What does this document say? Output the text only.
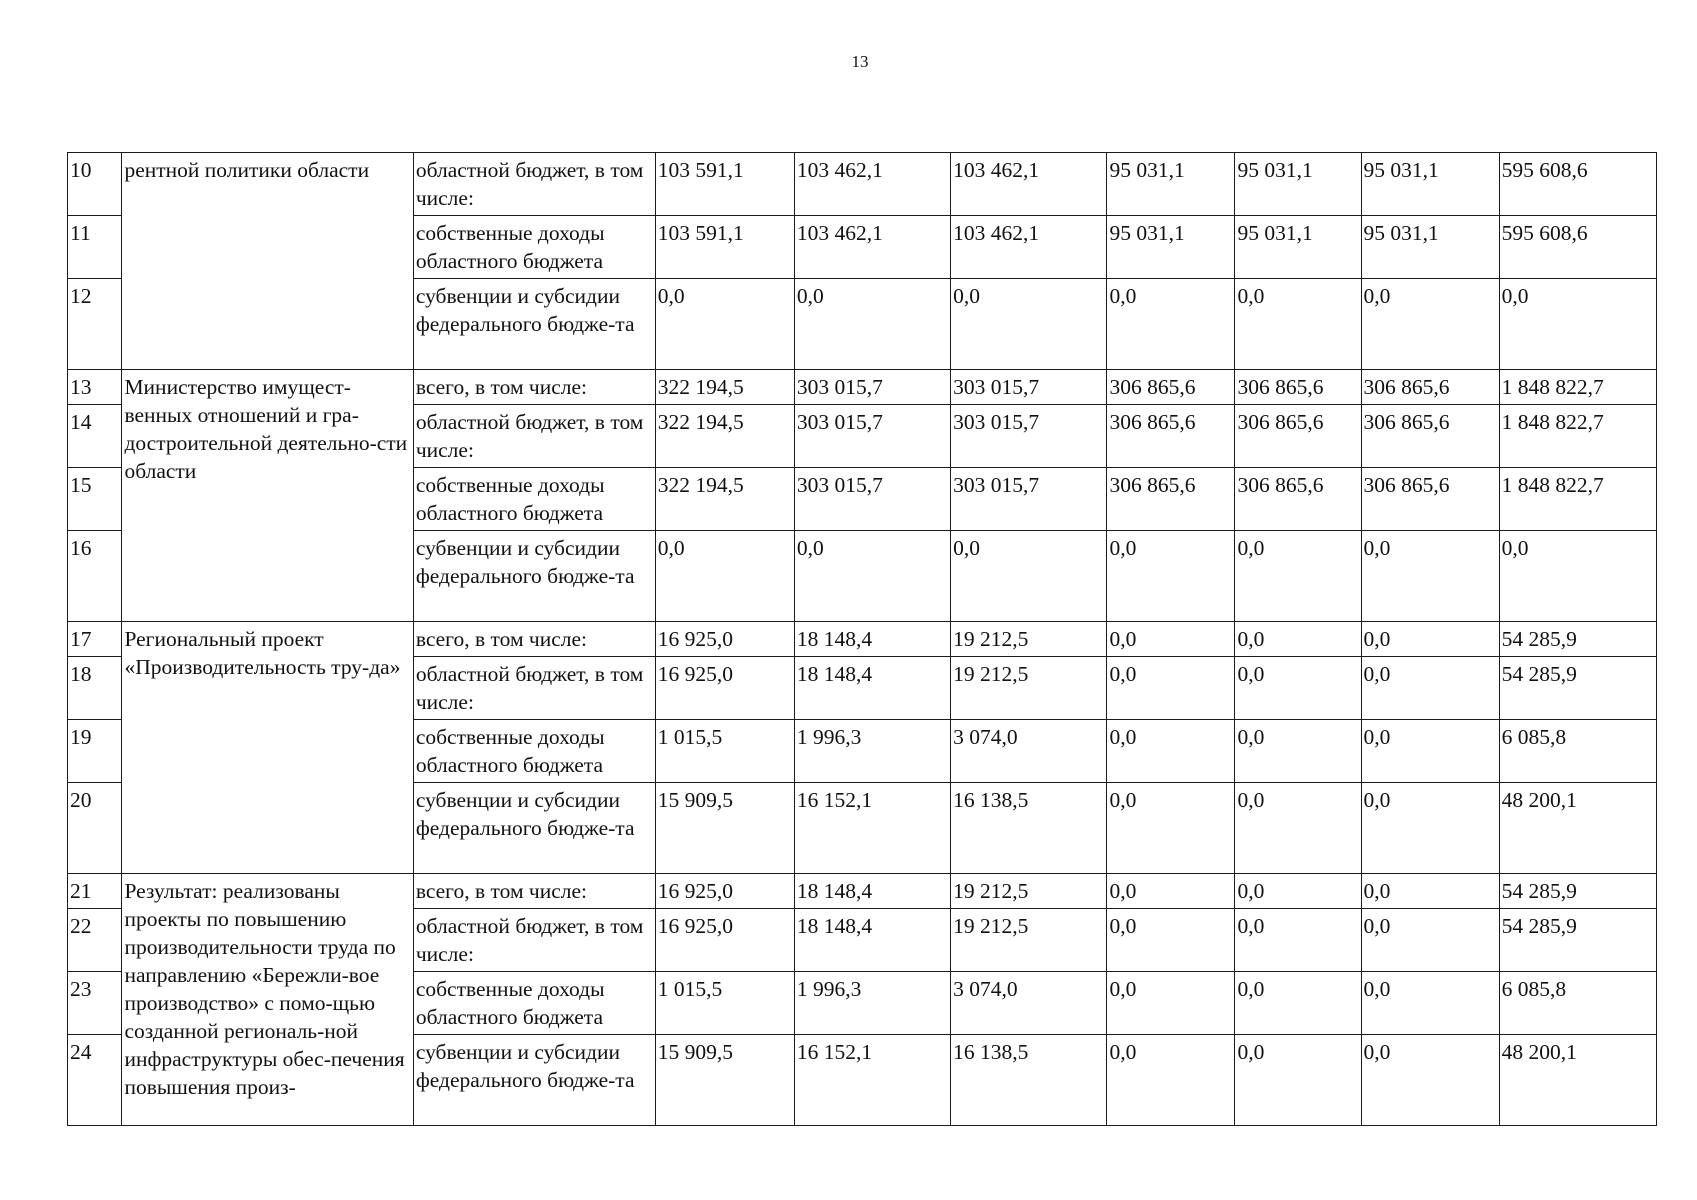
13
10	рентной политики области	областной бюджет, в том числе:	103 591,1	103 462,1	103 462,1	95 031,1	95 031,1	95 031,1	595 608,6
11		собственные доходы областного бюджета	103 591,1	103 462,1	103 462,1	95 031,1	95 031,1	95 031,1	595 608,6
12		субвенции и субсидии федерального бюдже-та	0,0	0,0	0,0	0,0	0,0	0,0	0,0
13	Министерство имущест-венных отношений и гра-достроительной деятельно-сти области	всего, в том числе:	322 194,5	303 015,7	303 015,7	306 865,6	306 865,6	306 865,6	1 848 822,7
14		областной бюджет, в том числе:	322 194,5	303 015,7	303 015,7	306 865,6	306 865,6	306 865,6	1 848 822,7
15		собственные доходы областного бюджета	322 194,5	303 015,7	303 015,7	306 865,6	306 865,6	306 865,6	1 848 822,7
16		субвенции и субсидии федерального бюдже-та	0,0	0,0	0,0	0,0	0,0	0,0	0,0
17	Региональный проект «Производительность тру-да»	всего, в том числе:	16 925,0	18 148,4	19 212,5	0,0	0,0	0,0	54 285,9
18		областной бюджет, в том числе:	16 925,0	18 148,4	19 212,5	0,0	0,0	0,0	54 285,9
19		собственные доходы областного бюджета	1 015,5	1 996,3	3 074,0	0,0	0,0	0,0	6 085,8
20		субвенции и субсидии федерального бюдже-та	15 909,5	16 152,1	16 138,5	0,0	0,0	0,0	48 200,1
21	Результат: реализованы проекты по повышению производительности труда по направлению «Бережли-вое производство» с помо-щью созданной региональ-ной инфраструктуры обес-печения повышения произ-	всего, в том числе:	16 925,0	18 148,4	19 212,5	0,0	0,0	0,0	54 285,9
22		областной бюджет, в том числе:	16 925,0	18 148,4	19 212,5	0,0	0,0	0,0	54 285,9
23		собственные доходы областного бюджета	1 015,5	1 996,3	3 074,0	0,0	0,0	0,0	6 085,8
24		субвенции и субсидии федерального бюдже-та	15 909,5	16 152,1	16 138,5	0,0	0,0	0,0	48 200,1
